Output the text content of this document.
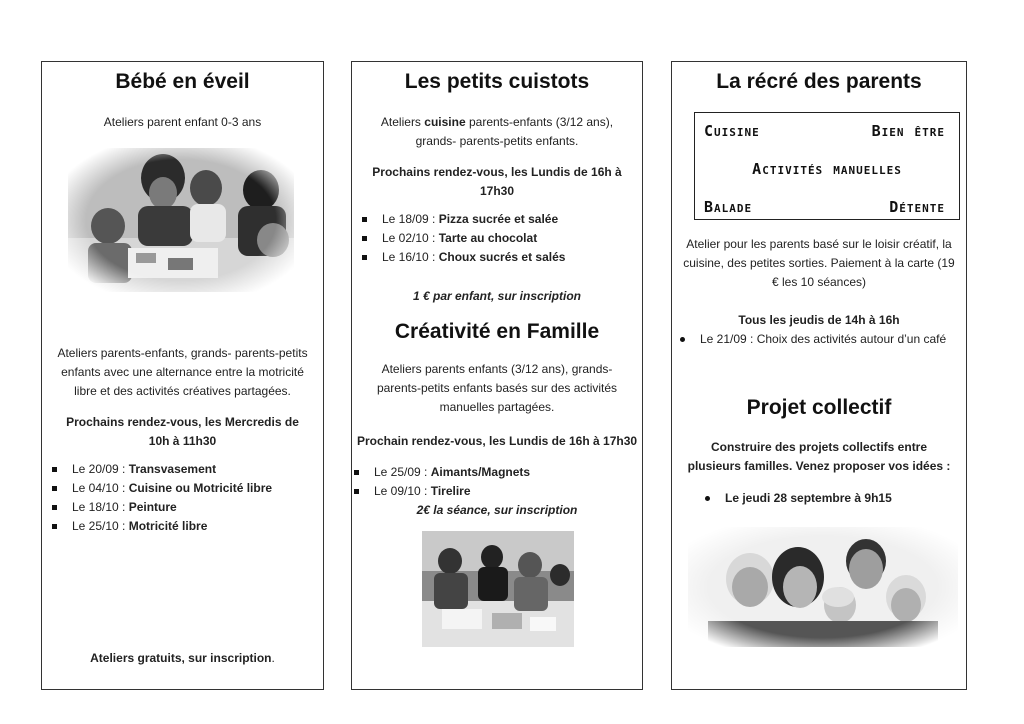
Bébé en éveil
Ateliers parent enfant 0-3 ans
Ateliers parents-enfants, grands- parents-petits enfants avec une alternance entre la motricité libre et des activités créatives partagées.
Prochains rendez-vous, les Mercredis de 10h à 11h30
Le 20/09 : Transvasement
Le 04/10 : Cuisine ou Motricité libre
Le 18/10 : Peinture
Le 25/10 : Motricité libre
Ateliers gratuits, sur inscription.
Les petits cuistots
Ateliers cuisine parents-enfants (3/12 ans), grands- parents-petits enfants.
Prochains rendez-vous, les Lundis de 16h à 17h30
Le 18/09 : Pizza sucrée et salée
Le 02/10 : Tarte au chocolat
Le 16/10 : Choux sucrés et salés
1 € par enfant, sur inscription
Créativité en Famille
Ateliers parents enfants (3/12 ans), grands-parents-petits enfants basés sur des activités manuelles partagées.
Prochain rendez-vous, les Lundis de 16h à 17h30
Le 25/09 : Aimants/Magnets
Le 09/10 : Tirelire
2€ la séance, sur inscription
La récré des parents
Cuisine	Bien être
Activités manuelles
Balade	Détente
Atelier pour les parents basé sur le loisir créatif, la cuisine, des petites sorties. Paiement à la carte (19 € les 10 séances)
Tous les jeudis de 14h à 16h
Le 21/09 : Choix des activités autour d’un café
Projet collectif
Construire des projets collectifs entre plusieurs familles. Venez proposer vos idées :
Le jeudi 28 septembre à 9h15
